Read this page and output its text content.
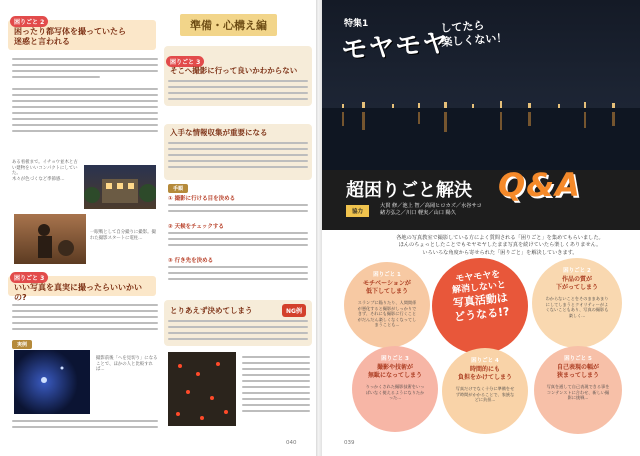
準備・心構え編
困りごと 2
困ったり都写体を撮っていたら
迷惑と言われる
ある看板まで。イチョウ並木と古い建物をいいコンパクトにしていた。
木々が色づくなど季節感...
一眼戦として自分撮りに撮影。撮れた撮影スタートに電柱...
困りごと 3
いい写真を真実に撮ったらいいかいの?
実例
撮影前後「へを見切り」になることで、ほかの人と比較すれば...
困りごと 3
そこへ撮影に行って良いかわからない
入手な情報収集が重要になる
手順
① 撮影に行ける目を決める
② 天候をチェックする
③ 行き先を決める
とりあえず決めてしまう	NG例
040
特集1
モヤモヤ
してたら
楽しくない！
超困りごと解決 Q&A
協力
大貫 修／池上 智／高岡ヒロカズ／水谷サコ
緒方弘之／川口 軽実／山口 陽久
各地の写真教室で撮影している方によく質問される「困りごと」を集めてもらいました。
ほんのちょっとしたことでもモヤモヤしたまま写真を続けていたら楽しくありません。
いろいろな角度から寄せられた「困りごと」を解決していきます。
困りごと 1
モチベーションが
低下してしまう
スランプに陥りたり、人間関係が悪化すると撮影がしっかりできず、それにも撮影に行くことがだんだん楽しくなくなってしまうことも...
困りごと 2
作品の質が
下がってしまう
わからないことをそのままあまりにしてしまうとクオリティーがよくないこともあり、写真の撮影も楽しく...
モヤモヤを
解消しないと
写真活動は
どうなる!?
困りごと 3
撮影や技術が
無駄になってしまう
りっかくされた撮影技術をいっぱいなく使えるようになりたかった...
困りごと 4
時間的にも
負担をかけてしまう
写真だけでなく十分に準備をせず時間がかかることで、家族などに負担...
困りごと 5
自己表現の幅が
狭まってしまう
写真を通して自己表現できる事をコンテンストに合わせ、新しい撮影に挑戦...
039
